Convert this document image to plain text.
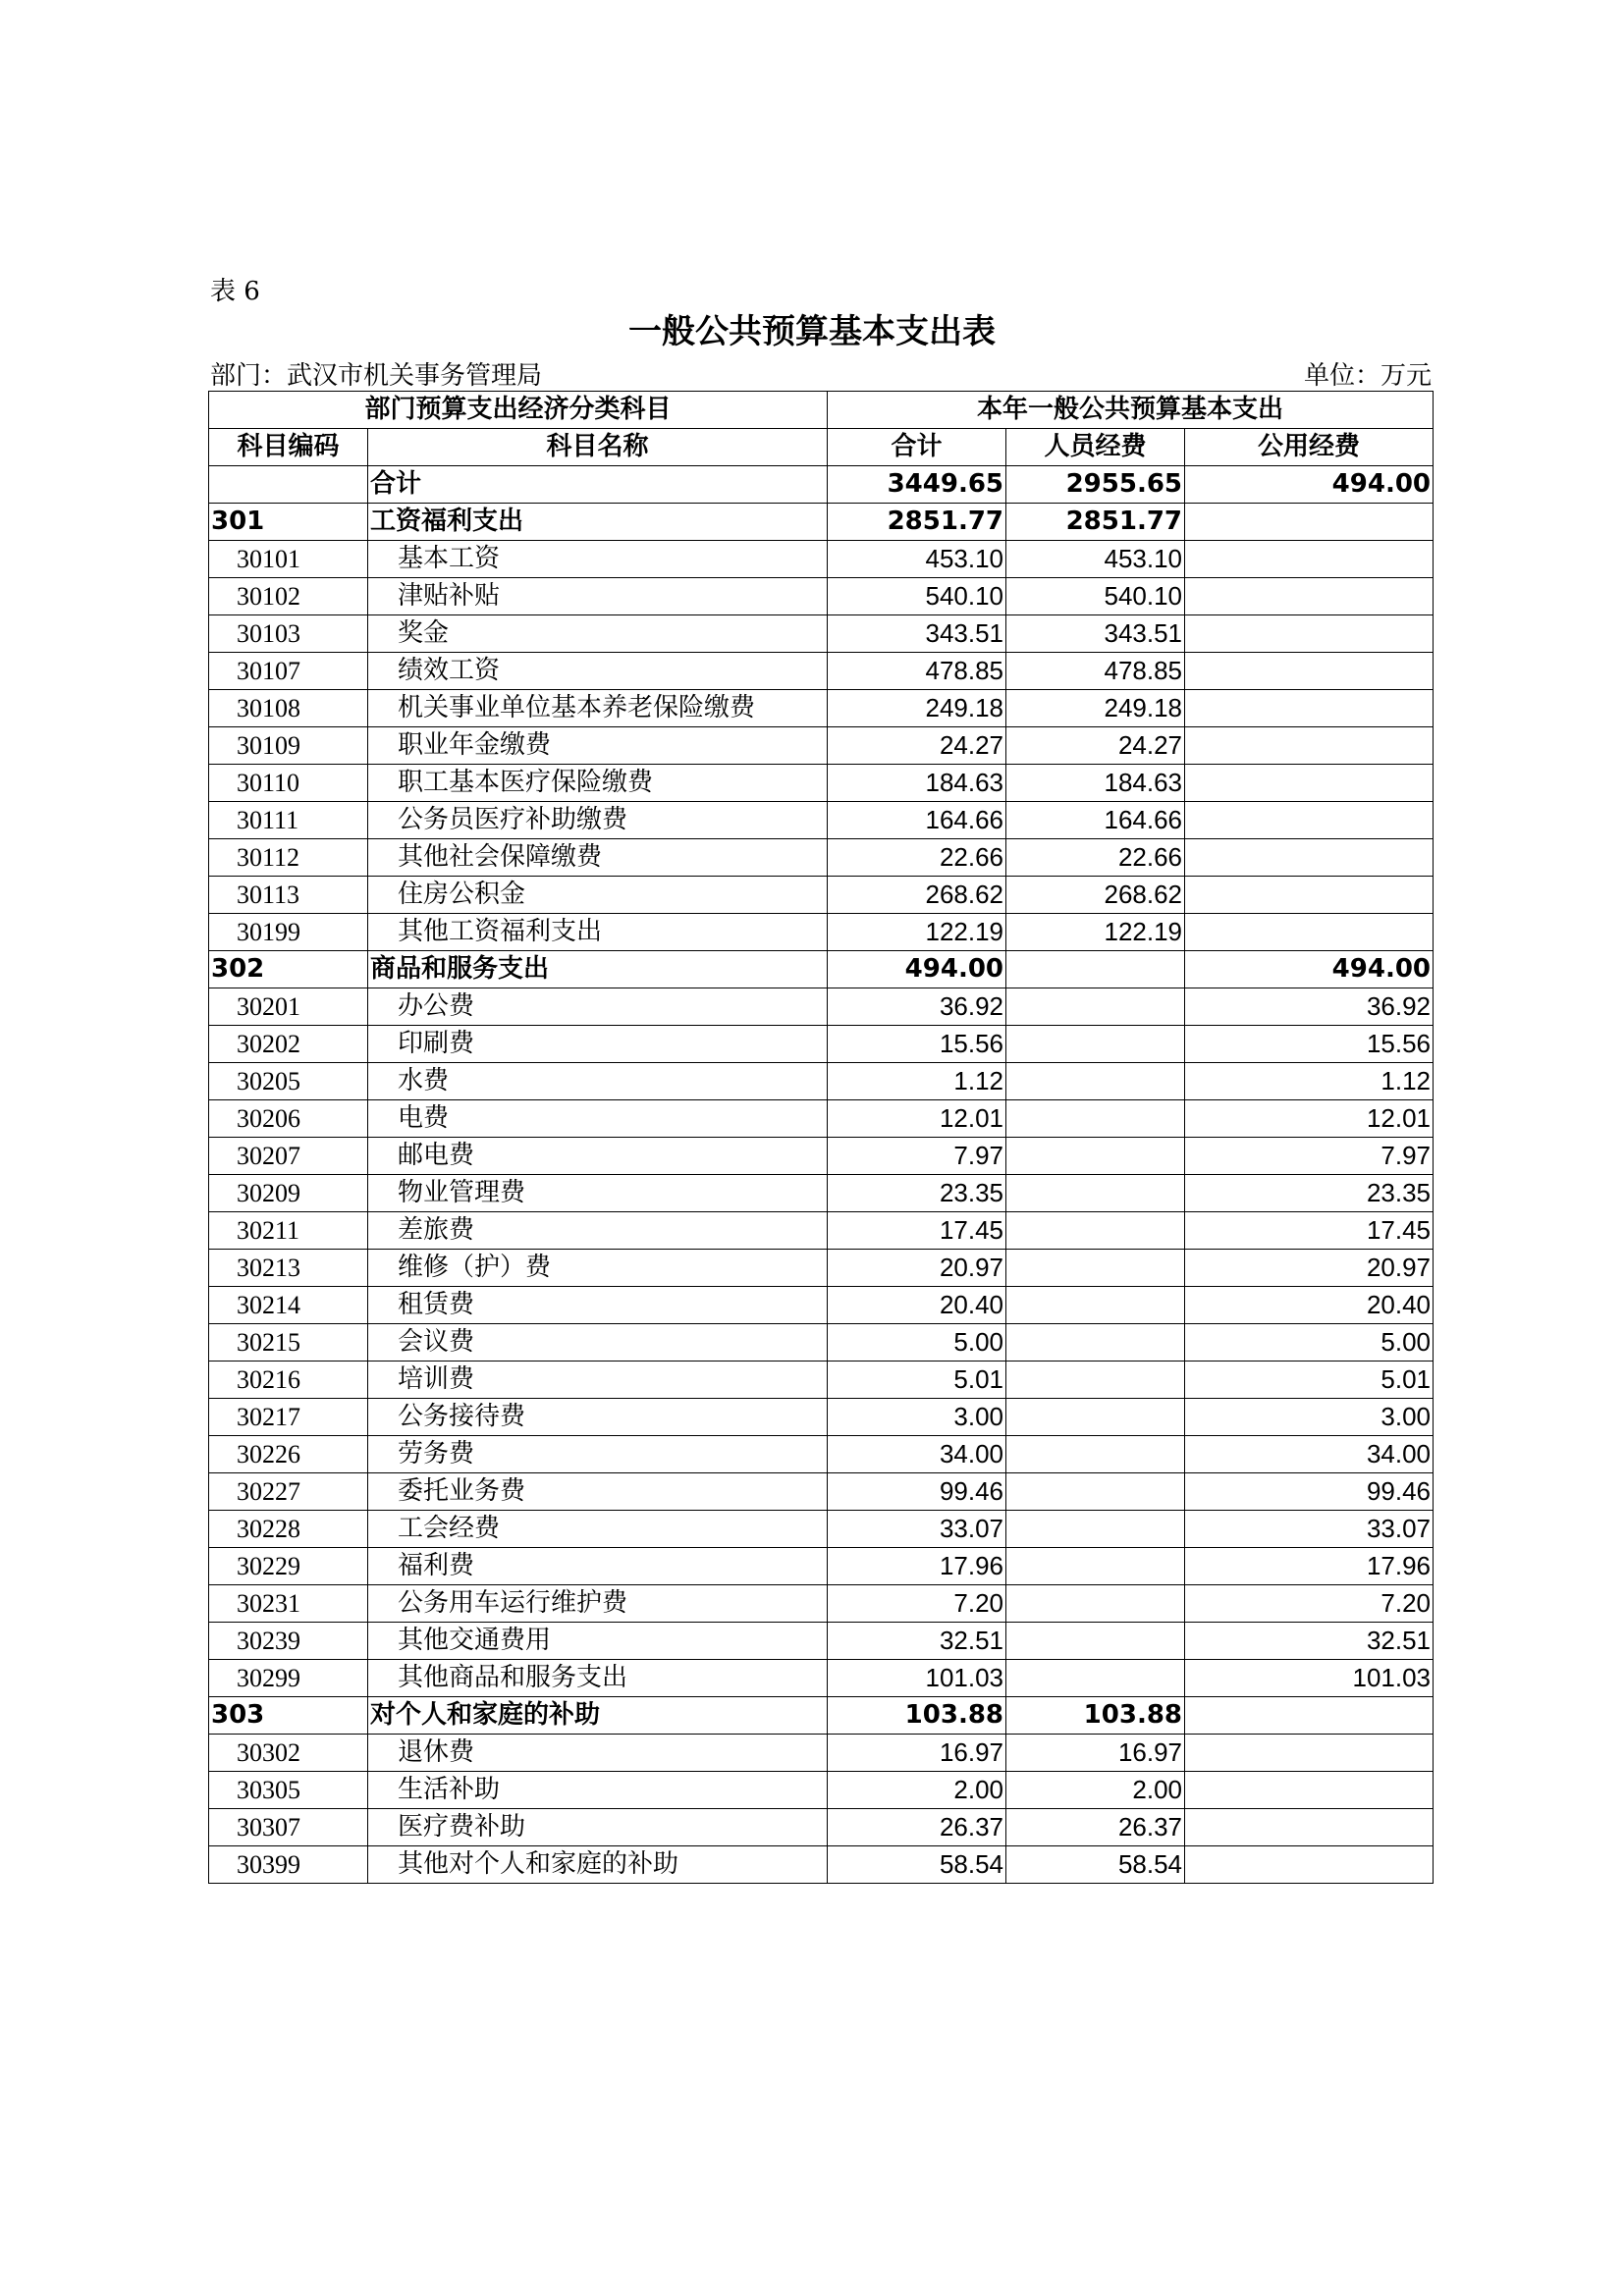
表 6
一般公共预算基本支出表
部门：武汉市机关事务管理局	单位：万元
部门预算支出经济分类科目		本年一般公共预算基本支出		
科目编码	科目名称	合计	人员经费	公用经费
	合计	3449.65	2955.65	494.00
301	工资福利支出	2851.77	2851.77	
30101	基本工资	453.10	453.10	
30102	津贴补贴	540.10	540.10	
30103	奖金	343.51	343.51	
30107	绩效工资	478.85	478.85	
30108	机关事业单位基本养老保险缴费	249.18	249.18	
30109	职业年金缴费	24.27	24.27	
30110	职工基本医疗保险缴费	184.63	184.63	
30111	公务员医疗补助缴费	164.66	164.66	
30112	其他社会保障缴费	22.66	22.66	
30113	住房公积金	268.62	268.62	
30199	其他工资福利支出	122.19	122.19	
302	商品和服务支出	494.00		494.00
30201	办公费	36.92		36.92
30202	印刷费	15.56		15.56
30205	水费	1.12		1.12
30206	电费	12.01		12.01
30207	邮电费	7.97		7.97
30209	物业管理费	23.35		23.35
30211	差旅费	17.45		17.45
30213	维修（护）费	20.97		20.97
30214	租赁费	20.40		20.40
30215	会议费	5.00		5.00
30216	培训费	5.01		5.01
30217	公务接待费	3.00		3.00
30226	劳务费	34.00		34.00
30227	委托业务费	99.46		99.46
30228	工会经费	33.07		33.07
30229	福利费	17.96		17.96
30231	公务用车运行维护费	7.20		7.20
30239	其他交通费用	32.51		32.51
30299	其他商品和服务支出	101.03		101.03
303	对个人和家庭的补助	103.88	103.88	
30302	退休费	16.97	16.97	
30305	生活补助	2.00	2.00	
30307	医疗费补助	26.37	26.37	
30399	其他对个人和家庭的补助	58.54	58.54	
